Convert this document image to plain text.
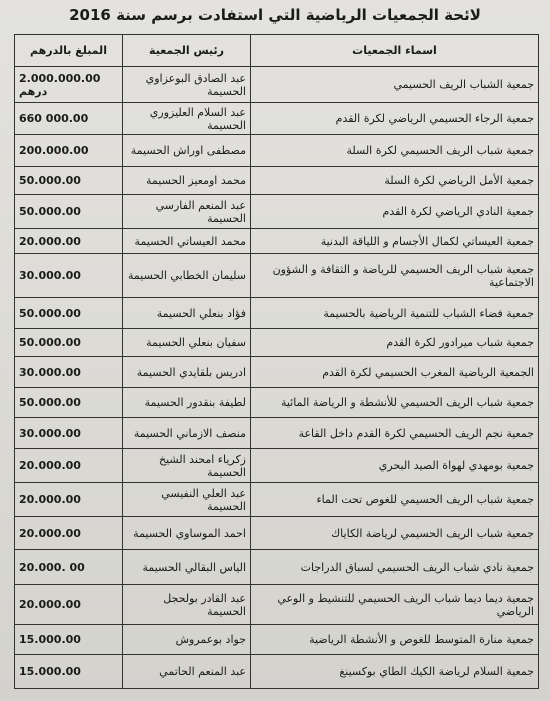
لائحة الجمعيات الرياضية التي استفادت برسم سنة 2016
المبلغ بالدرهم	رئيس الجمعية	اسماء الجمعيات
2.000.000.00 درهم	عبد الصادق البوعزاوي الحسيمة	جمعية الشباب الريف الحسيمي
660 000.00	عبد السلام العليزوري الحسيمة	جمعية الرجاء الحسيمي الرياضي لكرة القدم
200.000.00	مصطفى اوراش الحسيمة	جمعية شباب الريف الحسيمي لكرة السلة
50.000.00	محمد اومعيز الحسيمة	جمعية الأمل الرياضي لكرة السلة
50.000.00	عبد المنعم الفارسي الحسيمة	جمعية النادي الرياضي لكرة القدم
20.000.00	محمد العيساتي الحسيمة	جمعية العيساتي لكمال الأجسام و اللياقة البدنية
30.000.00	سليمان الخطابي الحسيمة	جمعية شباب الريف الحسيمي للرياضة و الثقافة و الشؤون الاجتماعية
50.000.00	فؤاد بنعلي الحسيمة	جمعية فضاء الشباب للتنمية الرياضية بالحسيمة
50.000.00	سفيان بنعلي الحسيمة	جمعية شباب ميرادور لكرة القدم
30.000.00	ادريس بلقايدي الحسيمة	الجمعية الرياضية المغرب الحسيمي لكرة القدم
50.000.00	لطيفة بنقدور الحسيمة	جمعية شباب الريف الحسيمي للأنشطة و الرياضة المائية
30.000.00	منصف الازماني الحسيمة	جمعية نجم الريف الحسيمي لكرة القدم داخل القاعة
20.000.00	زكرياء امحند الشيخ الحسيمة	جمعية بومهدي لهواة الصيد البحري
20.000.00	عبد العلي النفيسي الحسيمة	جمعية شباب الريف الحسيمي للغوص تحت الماء
20.000.00	احمد الموساوي الحسيمة	جمعية شباب الريف الحسيمي لرياضة الكاياك
20.000. 00	الياس البقالي الحسيمة	جمعية نادي شباب الريف الحسيمي لسباق الدراجات
20.000.00	عبد القادر بولحجل الحسيمة	جمعية ديما ديما شباب الريف الحسيمي للتنشيط و الوعي الرياضي
15.000.00	جواد بوعمروش	جمعية منارة المتوسط للغوص و الأنشطة الرياضية
15.000.00	عبد المنعم الحاتمي	جمعية السلام لرياضة الكيك الطاي بوكسينغ
